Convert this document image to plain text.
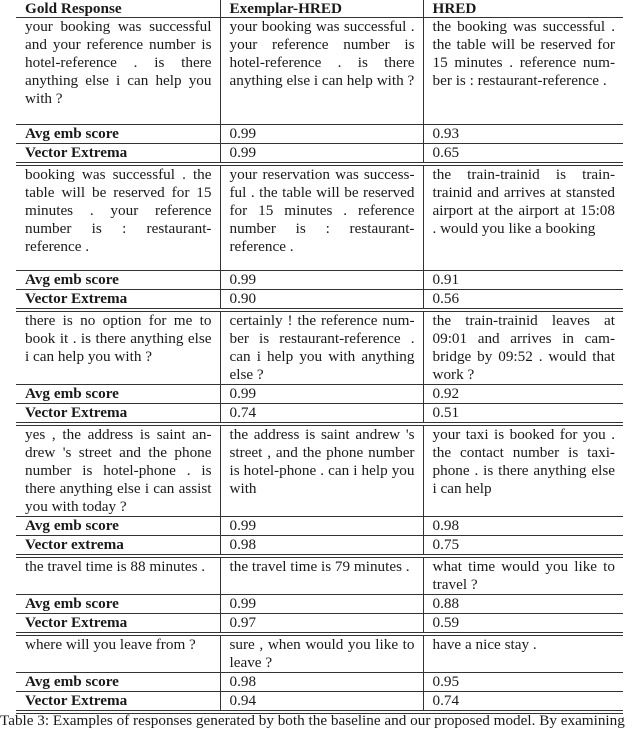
Gold Response	Exemplar-HRED	HRED
your booking was successful and your reference number is hotel-reference . is there anything else i can help you with ?	your booking was successful . your reference number is hotel-reference . is there anything else i can help with ?	the booking was successful . the table will be reserved for 15 minutes . reference number is : restaurant-reference .
Avg emb score	0.99	0.93
Vector Extrema	0.99	0.65
booking was successful . the table will be reserved for 15 minutes . your reference number is : restaurant-reference .	your reservation was successful . the table will be reserved for 15 minutes . reference number is : restaurant-reference .	the train-trainid is train-trainid and arrives at stansted airport at the airport at 15:08 . would you like a booking
Avg emb score	0.99	0.91
Vector Extrema	0.90	0.56
there is no option for me to book it . is there anything else i can help you with ?	certainly ! the reference number is restaurant-reference . can i help you with anything else ?	the train-trainid leaves at 09:01 and arrives in cambridge by 09:52 . would that work ?
Avg emb score	0.99	0.92
Vector Extrema	0.74	0.51
yes , the address is saint andrew 's street and the phone number is hotel-phone . is there anything else i can assist you with today ?	the address is saint andrew 's street , and the phone number is hotel-phone . can i help you with	your taxi is booked for you . the contact number is taxi-phone . is there anything else i can help
Avg emb score	0.99	0.98
Vector extrema	0.98	0.75
the travel time is 88 minutes .	the travel time is 79 minutes .	what time would you like to travel ?
Avg emb score	0.99	0.88
Vector Extrema	0.97	0.59
where will you leave from ?	sure , when would you like to leave ?	have a nice stay .
Avg emb score	0.98	0.95
Vector Extrema	0.94	0.74
Table 3: Examples of responses generated by both the baseline and our proposed model. By examining
